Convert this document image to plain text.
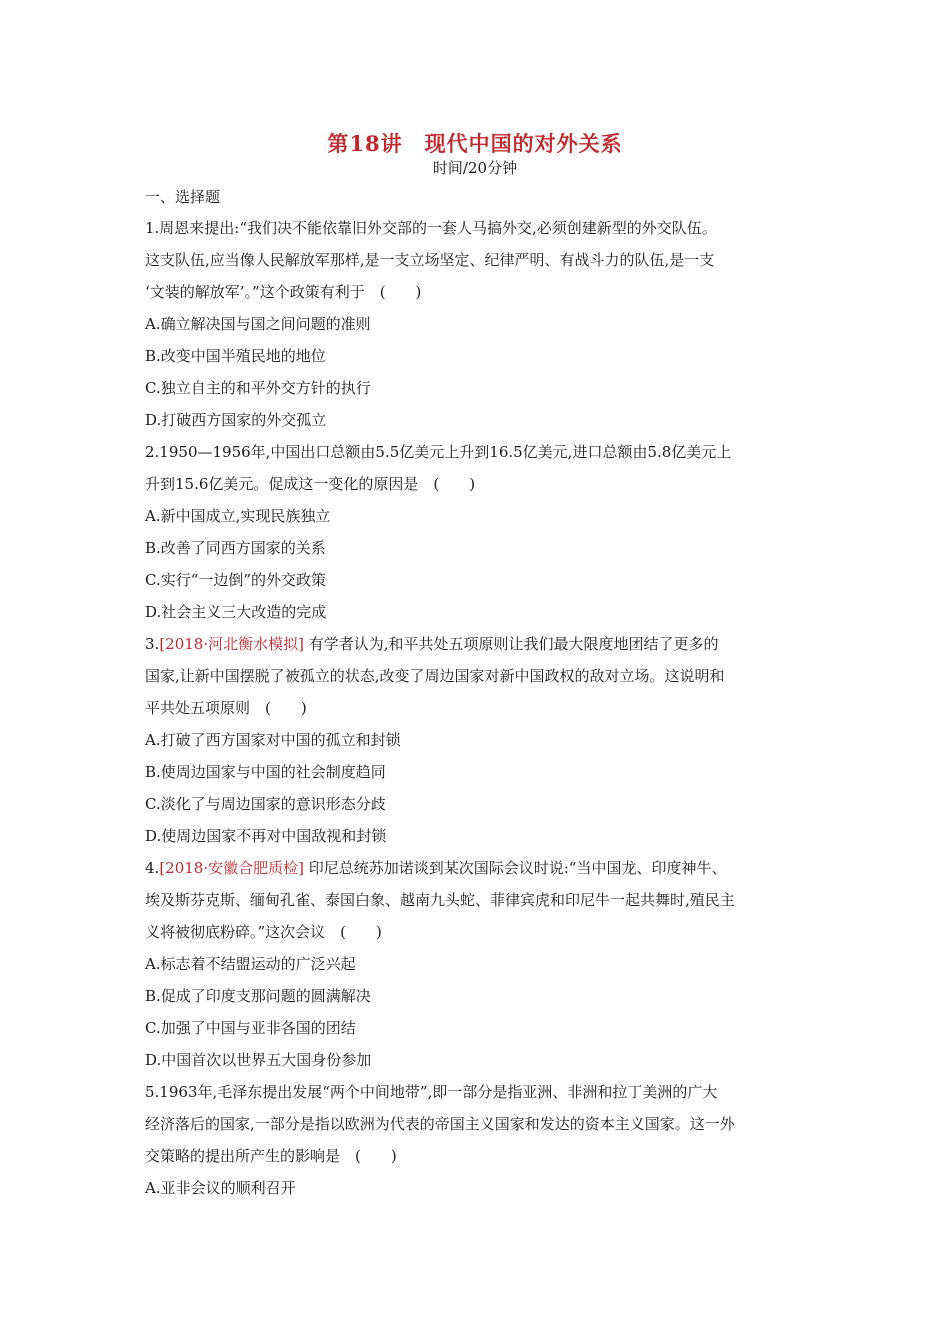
第18讲　现代中国的对外关系
时间/20分钟
一、选择题
1.周恩来提出:“我们决不能依靠旧外交部的一套人马搞外交,必须创建新型的外交队伍。
这支队伍,应当像人民解放军那样,是一支立场坚定、纪律严明、有战斗力的队伍,是一支
‘文装的解放军’。”这个政策有利于　(　　)
A.确立解决国与国之间问题的准则
B.改变中国半殖民地的地位
C.独立自主的和平外交方针的执行
D.打破西方国家的外交孤立
2.1950—1956年,中国出口总额由5.5亿美元上升到16.5亿美元,进口总额由5.8亿美元上
升到15.6亿美元。促成这一变化的原因是　(　　)
A.新中国成立,实现民族独立
B.改善了同西方国家的关系
C.实行“一边倒”的外交政策
D.社会主义三大改造的完成
3.[2018·河北衡水模拟] 有学者认为,和平共处五项原则让我们最大限度地团结了更多的
国家,让新中国摆脱了被孤立的状态,改变了周边国家对新中国政权的敌对立场。这说明和
平共处五项原则　(　　)
A.打破了西方国家对中国的孤立和封锁
B.使周边国家与中国的社会制度趋同
C.淡化了与周边国家的意识形态分歧
D.使周边国家不再对中国敌视和封锁
4.[2018·安徽合肥质检] 印尼总统苏加诺谈到某次国际会议时说:“当中国龙、印度神牛、
埃及斯芬克斯、缅甸孔雀、泰国白象、越南九头蛇、菲律宾虎和印尼牛一起共舞时,殖民主
义将被彻底粉碎。”这次会议　(　　)
A.标志着不结盟运动的广泛兴起
B.促成了印度支那问题的圆满解决
C.加强了中国与亚非各国的团结
D.中国首次以世界五大国身份参加
5.1963年,毛泽东提出发展“两个中间地带”,即一部分是指亚洲、非洲和拉丁美洲的广大
经济落后的国家,一部分是指以欧洲为代表的帝国主义国家和发达的资本主义国家。这一外
交策略的提出所产生的影响是　(　　)
A.亚非会议的顺利召开
